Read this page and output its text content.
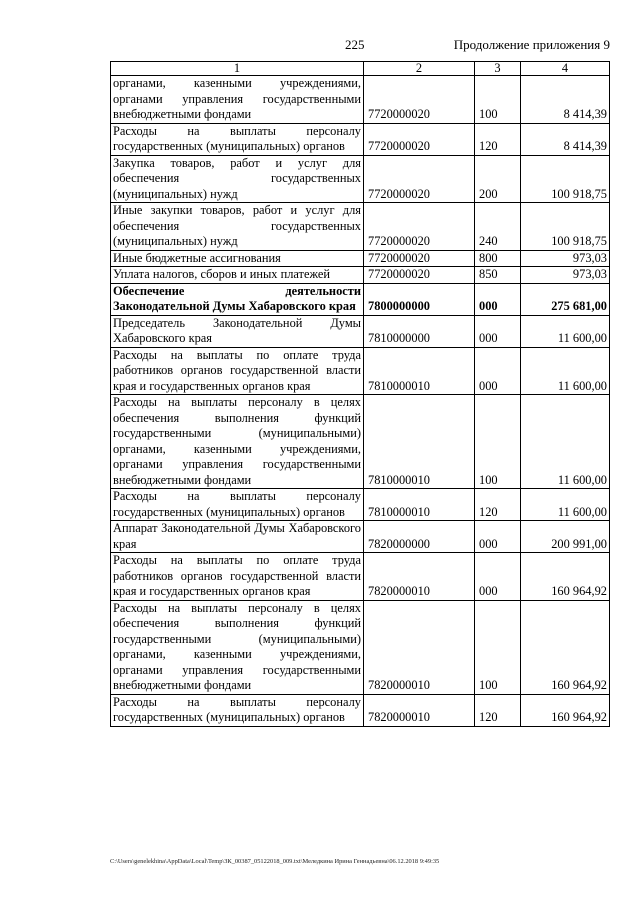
225	Продолжение приложения 9
1	2	3	4
органами, казенными учреждениями, органами управления государственными внебюджетными фондами	7720000020	100	8 414,39
Расходы на выплаты персоналу государственных (муниципальных) органов	7720000020	120	8 414,39
Закупка товаров, работ и услуг для обеспечения государственных (муниципальных) нужд	7720000020	200	100 918,75
Иные закупки товаров, работ и услуг для обеспечения государственных (муниципальных) нужд	7720000020	240	100 918,75
Иные бюджетные ассигнования	7720000020	800	973,03
Уплата налогов, сборов и иных платежей	7720000020	850	973,03
Обеспечение деятельности Законодательной Думы Хабаровского края	7800000000	000	275 681,00
Председатель Законодательной Думы Хабаровского края	7810000000	000	11 600,00
Расходы на выплаты по оплате труда работников органов государственной власти края и государственных органов края	7810000010	000	11 600,00
Расходы на выплаты персоналу в целях обеспечения выполнения функций государственными (муниципальными) органами, казенными учреждениями, органами управления государственными внебюджетными фондами	7810000010	100	11 600,00
Расходы на выплаты персоналу государственных (муниципальных) органов	7810000010	120	11 600,00
Аппарат Законодательной Думы Хабаровского края	7820000000	000	200 991,00
Расходы на выплаты по оплате труда работников органов государственной власти края и государственных органов края	7820000010	000	160 964,92
Расходы на выплаты персоналу в целях обеспечения выполнения функций государственными (муниципальными) органами, казенными учреждениями, органами управления государственными внебюджетными фондами	7820000010	100	160 964,92
Расходы на выплаты персоналу государственных (муниципальных) органов	7820000010	120	160 964,92
C:\Users\genelekhina\AppData\Local\Temp\ЗК_00387_05122018_009.txt\Меледкина Ирина Геннадьевна\06.12.2018 9:49:35
